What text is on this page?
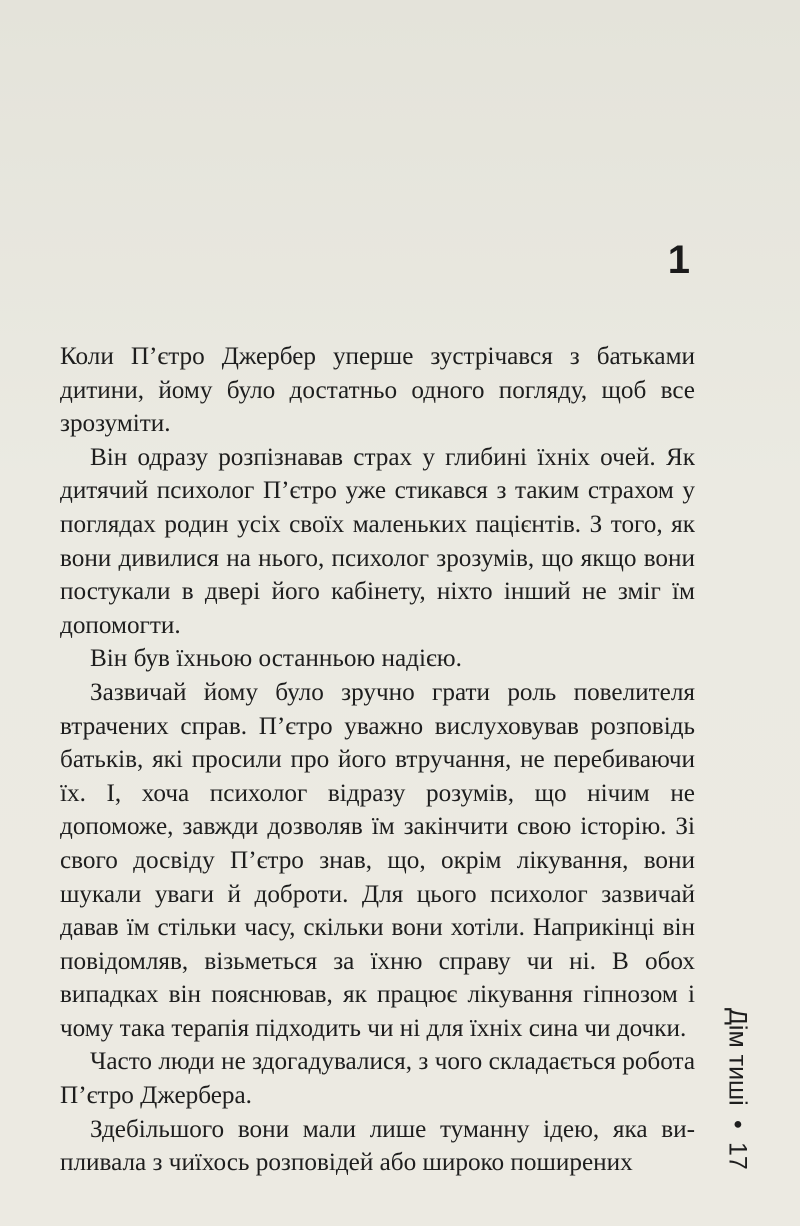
1

Коли П’єтро Джербер уперше зустрічався з батьками дитини, йому було достатньо одного погляду, щоб все зрозуміти.

Він одразу розпізнавав страх у глибині їхніх очей. Як дитячий психолог П’єтро уже стикався з таким страхом у поглядах родин усіх своїх маленьких пацієнтів. З того, як вони дивилися на нього, психолог зрозумів, що якщо вони постукали в двері його кабінету, ніхто інший не зміг їм допомогти.

Він був їхньою останньою надією.

Зазвичай йому було зручно грати роль повелителя втрачених справ. П’єтро уважно вислуховував розповідь батьків, які просили про його втручання, не перебиваючи їх. І, хоча психолог відразу розумів, що нічим не допоможе, завжди дозволяв їм закінчити свою історію. Зі свого досвіду П’єтро знав, що, окрім лікування, вони шукали уваги й доброти. Для цього психолог зазвичай давав їм стільки часу, скільки вони хотіли. Наприкінці він повідомляв, візьметься за їхню справу чи ні. В обох випадках він пояснював, як працює лікування гіпнозом і чому така терапія підходить чи ні для їхніх сина чи дочки.

Часто люди не здогадувалися, з чого складається робота П’єтро Джербера.

Здебільшого вони мали лише туманну ідею, яка випливала з чиїхось розповідей або широко поширених

Дім тиші
•
17
